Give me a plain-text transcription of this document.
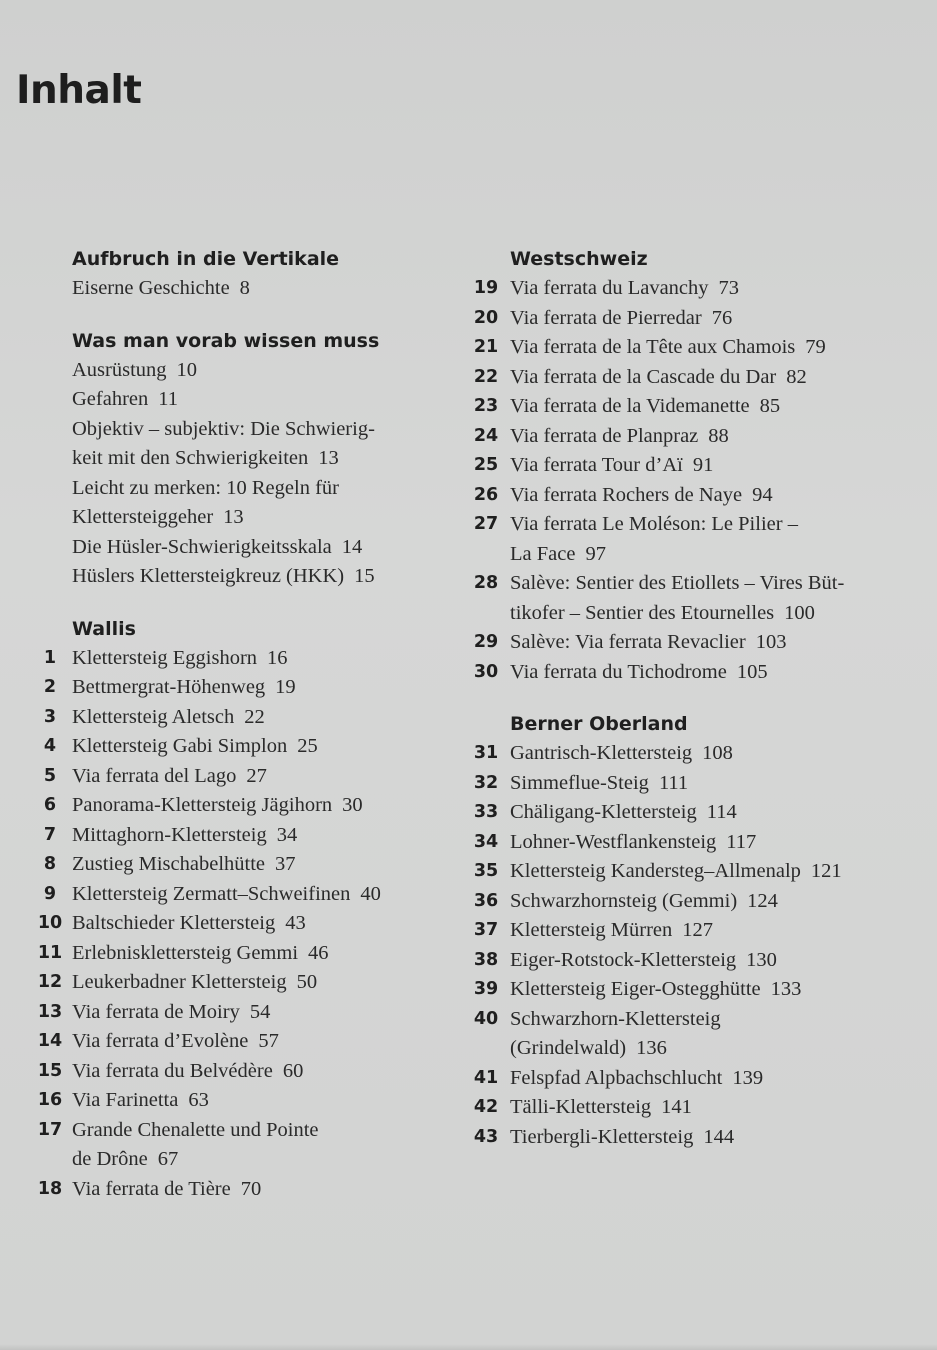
Inhalt
Aufbruch in die Vertikale
Eiserne Geschichte 8
Was man vorab wissen muss
Ausrüstung 10
Gefahren 11
Objektiv – subjektiv: Die Schwierig-
keit mit den Schwierigkeiten 13
Leicht zu merken: 10 Regeln für
Klettersteiggeher 13
Die Hüsler-Schwierigkeitsskala 14
Hüslers Klettersteigkreuz (HKK) 15
Wallis
1 Klettersteig Eggishorn 16
2 Bettmergrat-Höhenweg 19
3 Klettersteig Aletsch 22
4 Klettersteig Gabi Simplon 25
5 Via ferrata del Lago 27
6 Panorama-Klettersteig Jägihorn 30
7 Mittaghorn-Klettersteig 34
8 Zustieg Mischabelhütte 37
9 Klettersteig Zermatt–Schweifinen 40
10 Baltschieder Klettersteig 43
11 Erlebnisklettersteig Gemmi 46
12 Leukerbadner Klettersteig 50
13 Via ferrata de Moiry 54
14 Via ferrata d’Evolène 57
15 Via ferrata du Belvédère 60
16 Via Farinetta 63
17 Grande Chenalette und Pointe
de Drône 67
18 Via ferrata de Tière 70
Westschweiz
19 Via ferrata du Lavanchy 73
20 Via ferrata de Pierredar 76
21 Via ferrata de la Tête aux Chamois 79
22 Via ferrata de la Cascade du Dar 82
23 Via ferrata de la Videmanette 85
24 Via ferrata de Planpraz 88
25 Via ferrata Tour d’Aï 91
26 Via ferrata Rochers de Naye 94
27 Via ferrata Le Moléson: Le Pilier –
La Face 97
28 Salève: Sentier des Etiollets – Vires Büt-
tikofer – Sentier des Etournelles 100
29 Salève: Via ferrata Revaclier 103
30 Via ferrata du Tichodrome 105
Berner Oberland
31 Gantrisch-Klettersteig 108
32 Simmeflue-Steig 111
33 Chäligang-Klettersteig 114
34 Lohner-Westflankensteig 117
35 Klettersteig Kandersteg–Allmenalp 121
36 Schwarzhornsteig (Gemmi) 124
37 Klettersteig Mürren 127
38 Eiger-Rotstock-Klettersteig 130
39 Klettersteig Eiger-Ostegghütte 133
40 Schwarzhorn-Klettersteig
(Grindelwald) 136
41 Felspfad Alpbachschlucht 139
42 Tälli-Klettersteig 141
43 Tierbergli-Klettersteig 144
